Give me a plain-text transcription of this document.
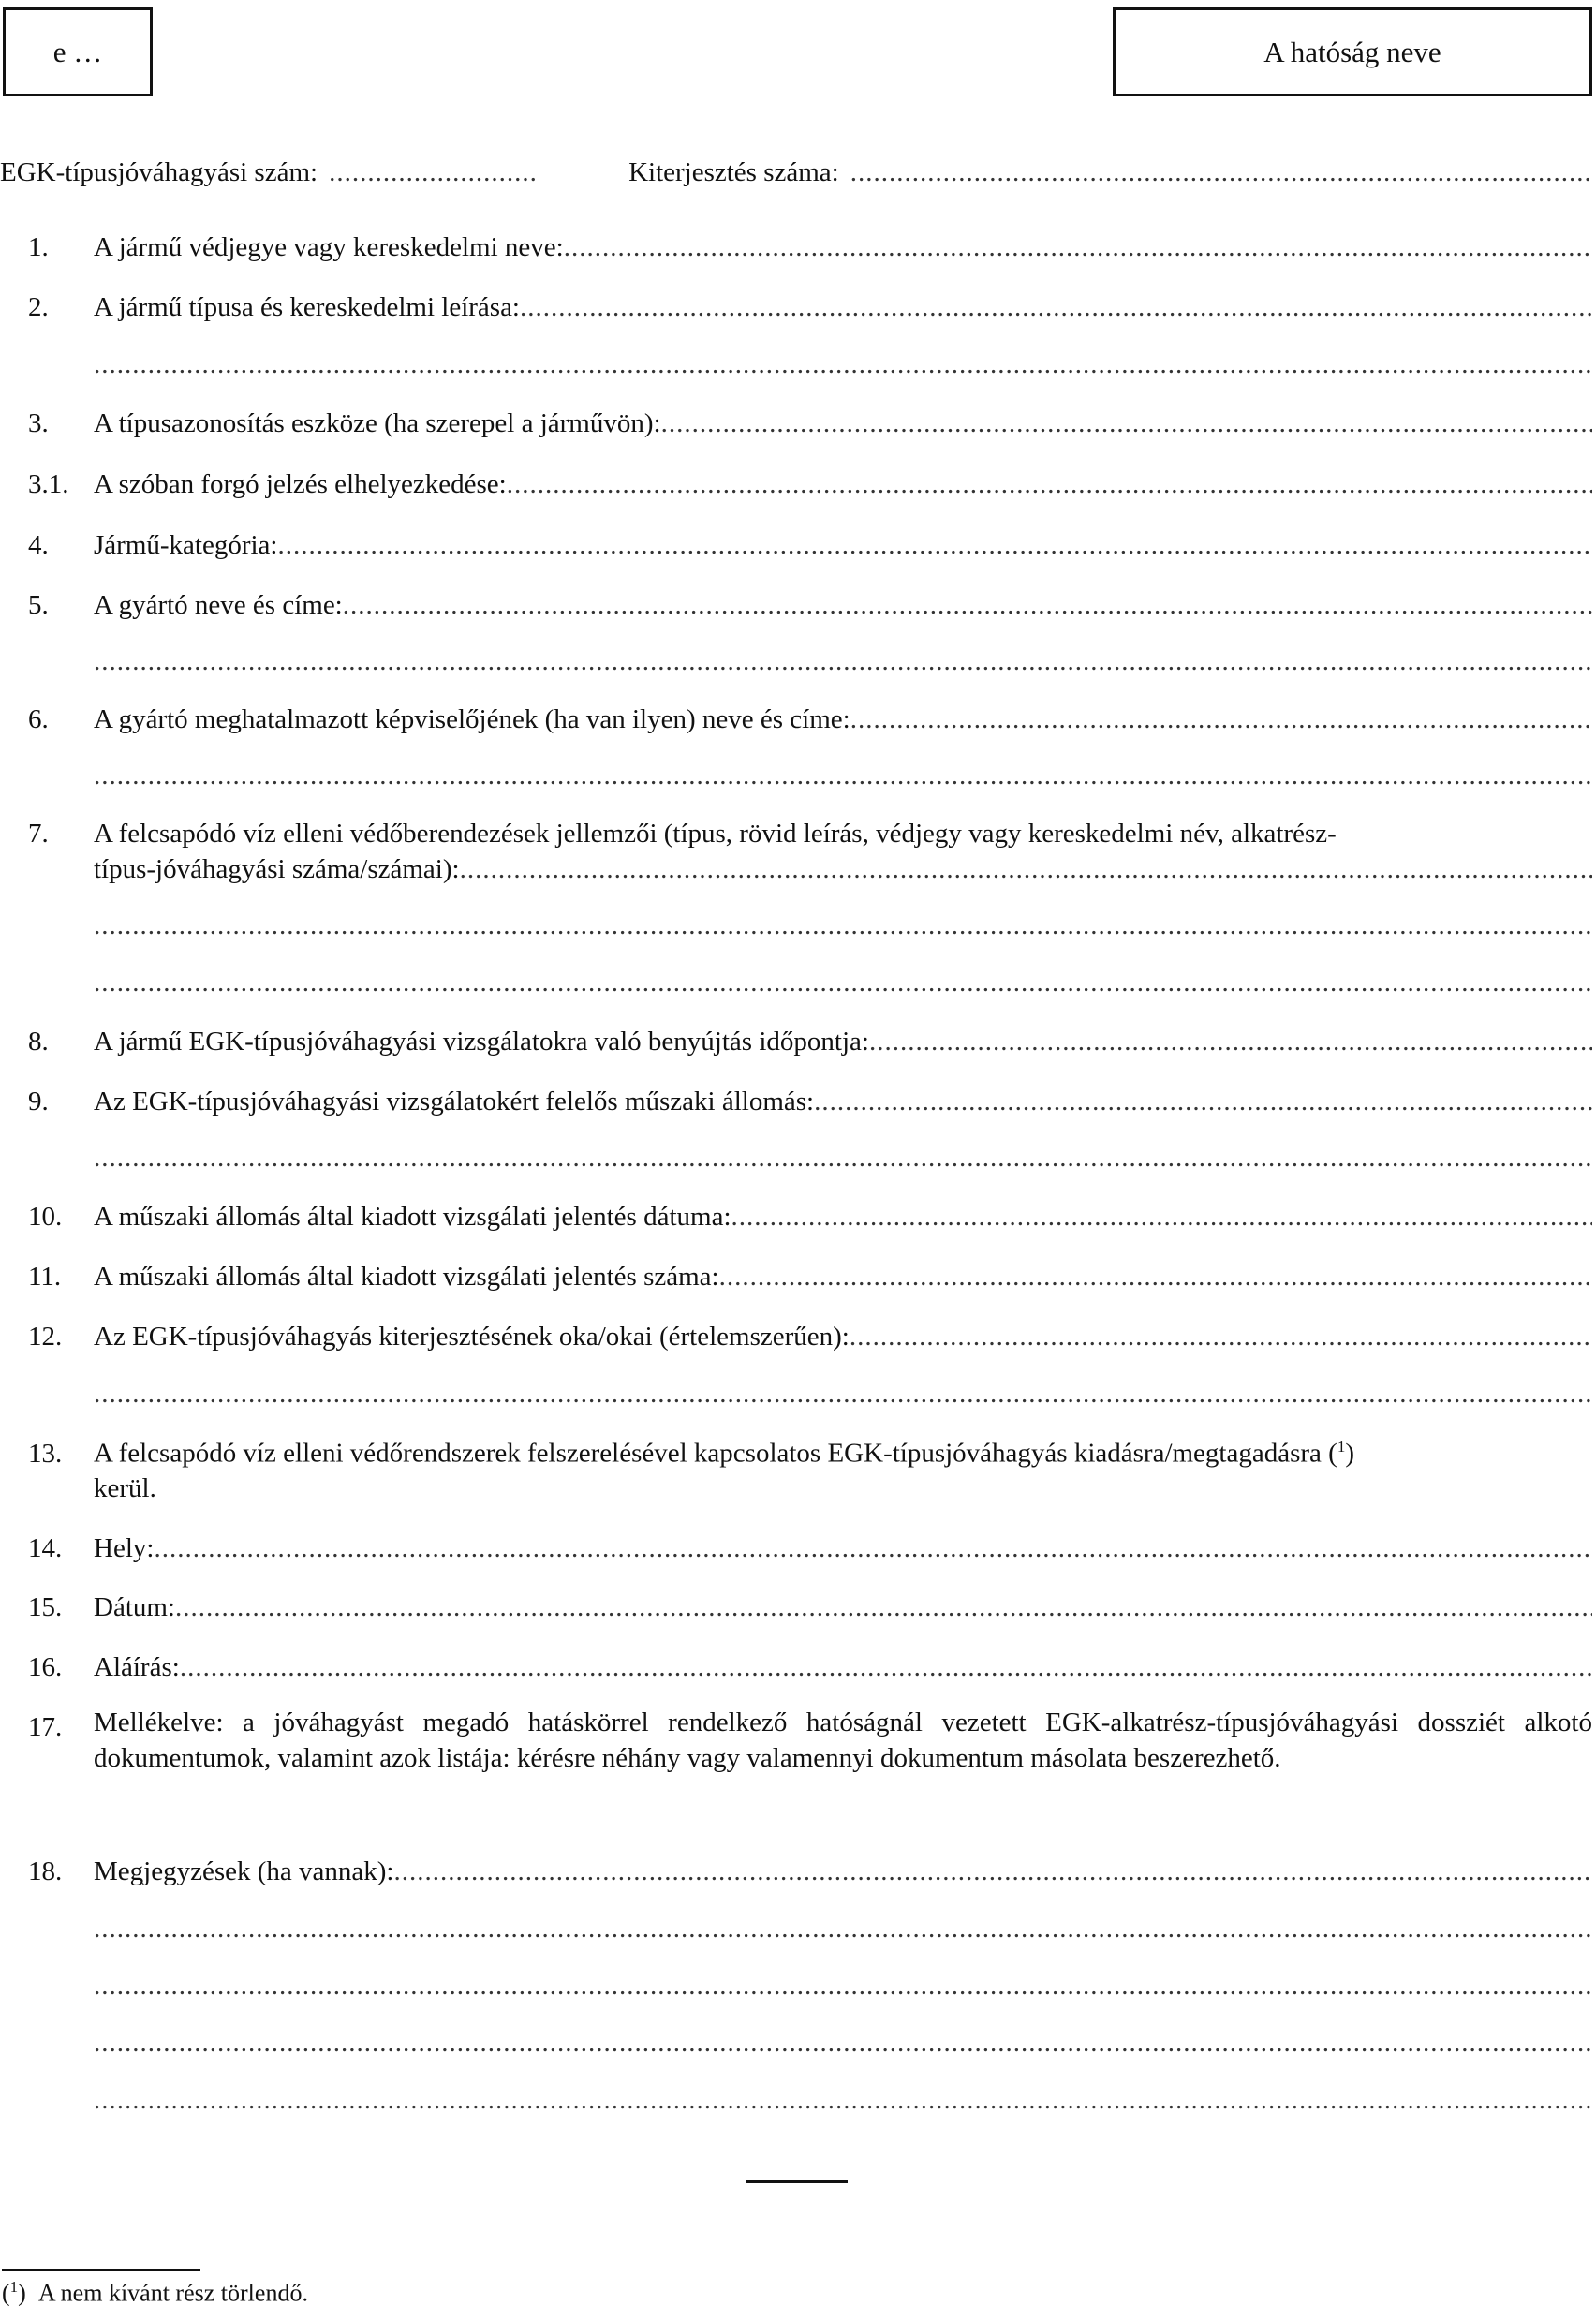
e …	A hatóság neve
EGK-típusjóváhagyási szám: .....	Kiterjesztés száma:
.....
1.	A jármű védjegye vagy kereskedelmi neve:
.....
2.	A jármű típusa és kereskedelmi leírása:
.....
.....
3.	A típusazonosítás eszköze (ha szerepel a járművön):
.....
3.1. A szóban forgó jelzés elhelyezkedése:
.....
4.	Jármű-kategória:
.....
5.	A gyártó neve és címe:
.....
.....
6.	A gyártó meghatalmazott képviselőjének (ha van ilyen) neve és címe:
.....
.....
7.	A felcsapódó víz elleni védőberendezések jellemzői (típus, rövid leírás, védjegy vagy kereskedelmi név, alkatrész-
típus-jóváhagyási száma/számai):
.....
.....
.....
8.	A jármű EGK-típusjóváhagyási vizsgálatokra való benyújtás időpontja:
.....
9.	Az EGK-típusjóváhagyási vizsgálatokért felelős műszaki állomás:
.....
.....
10.	A műszaki állomás által kiadott vizsgálati jelentés dátuma:
.....
11.	A műszaki állomás által kiadott vizsgálati jelentés száma:
.....
12.	Az EGK-típusjóváhagyás kiterjesztésének oka/okai (értelemszerűen):
.....
.....
13.	A felcsapódó víz elleni védőrendszerek felszerelésével kapcsolatos EGK-típusjóváhagyás kiadásra/megtagadásra ($^1$)
kerül.
14.	Hely:
.....
15.	Dátum:
.....
16.	Aláírás:
.....
17.	Mellékelve: a jóváhagyást megadó hatáskörrel rendelkező hatóságnál vezetett EGK-alkatrész-típusjóváhagyási dossziét alkotó dokumentumok, valamint azok listája: kérésre néhány vagy valamennyi dokumentum másolata beszerezhető.
18.	Megjegyzések (ha vannak):
.....
.....
.....
.....
.....
($^1$)  A nem kívánt rész törlendő.
